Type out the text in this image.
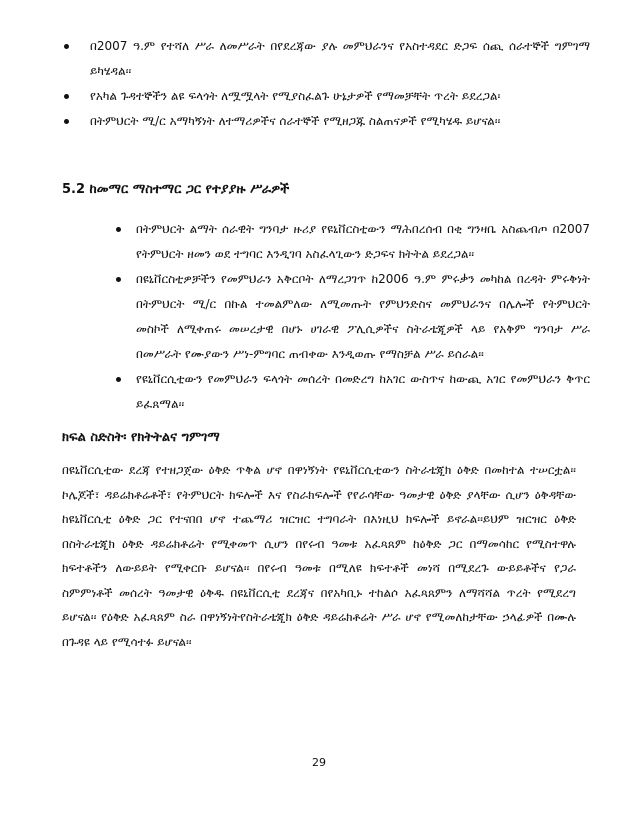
በ2007 ዓ.ም የተሻለ ሥራ ለመሥራት በየደረጃው ያሉ መምህራንና የአስተዳደር ድጋፍ ሰጪ ሰራተኞች ግምገማ ይካሄዳል፡፡
የአካል ጉዳተኞችን ልዩ ፍላጎት ለሟሟላት የሚያስፈልጉ ሁኔታዎች የማመቻቸት ጥረት ይደረጋል፡
በትምህርት ሚ/ር አማካኝነት ለተማሪዎችና ሰራተኞች የሚዘጋጁ ስልጠናዎች የሚካሄዱ ይሆናል፡፡
5.2 ከመማር ማስተማር ጋር የተያያዙ ሥራዎች
በትምህርት ልማት ሰራዊት ግንባታ ዙሪያ የዩኒቨርስቲውን ማሕበረሰብ በቂ ግንዛቤ አስጨብጦ በ2007 የትምህርት ዘመን ወደ ተግባር እንዲገባ አስፈላጊውን ድጋፍና ክትትል ይደረጋል፡፡
በዩኒቨርስቲዎቻችን የመምህራን አቅርቦት ለማረጋገጥ ከ2006 ዓ.ም ምሩቃን መካከል በረዳት ምሩቅነት በትምህርት ሚ/ር በኩል ተመልምለው ለሚመጡት የምህንድስና መምህራንና በሌሎች የትምህርት መስኮች ለሚቀጠሩ መሠረታዊ በሆኑ ሀገራዊ ፖሊሲዎችና ስትራቴጂዎች ላይ የአቅም ግንባታ ሥራ በመሥራት የሙያውን ሥነ-ምግባር ጠብቀው እንዲወጡ የማስቻል ሥራ ይሰራል፡፡
የዩኒቨርሲቲውን የመምህራን ፍላጎት መሰረት በመድረግ ከአገር ውስጥና ከውጪ አገር የመምህራን ቅጥር ይፈጸማል፡፡
ክፍል ስድስት፡ የክትትልና ግምገማ

በዩኒቨርሲቲው ደረጃ የተዘጋጀው ዕቅድ ጥቅል ሆኖ በዋነኝነት የዩኒቨርሲቲውን ስትራቴጂክ ዕቅድ በመከተል ተሠርቷል፡፡ ኮሌጆች፣ ዳይሬክቶሬቶች፣ የትምህርት ክፍሎች እና የስራክፍሎች የየራሳቸው ዓመታዊ ዕቅድ ያላቸው ሲሆን ዕቅዳቸው ከዩኒቨርሲቲ ዕቅድ ጋር የተናበበ ሆኖ ተጨማሪ ዝርዝር ተግባራት በእነዚህ ክፍሎች ይኖራል፡፡ይህም ዝርዝር ዕቅድ በስትራቴጂክ ዕቅድ ዳይሬክቶሬት የሚቀመጥ ሲሆን በየሩብ ዓመቱ አፈጻጸም ከዕቅድ ጋር በማመሳከር የሚስተዋሉ ክፍተቶችን ለውይይት የሚቀርቡ ይሆናል፡፡ በየሩብ ዓመቱ በሚለዩ ክፍተቶች መነሻ በሚደረጉ ውይይቶችና የጋራ ስምምነቶች መሰረት ዓመታዊ ዕቅዱ በዩኒቨርሲቲ ደረጃና በየአካቢኑ ተከልሶ አፈጻጸምን ለማሻሻል ጥረት የሚደረግ ይሆናል፡፡ የዕቅድ አፈጻጸም ስራ በዋነኝነትየስትራቴጂክ ዕቅድ ዳይሬክቶሬት ሥራ ሆኖ የሚመለከታቸው ኃላፊዎች በሙሉ በጉዳዩ ላይ የሚሳተፉ ይሆናል፡፡

29
